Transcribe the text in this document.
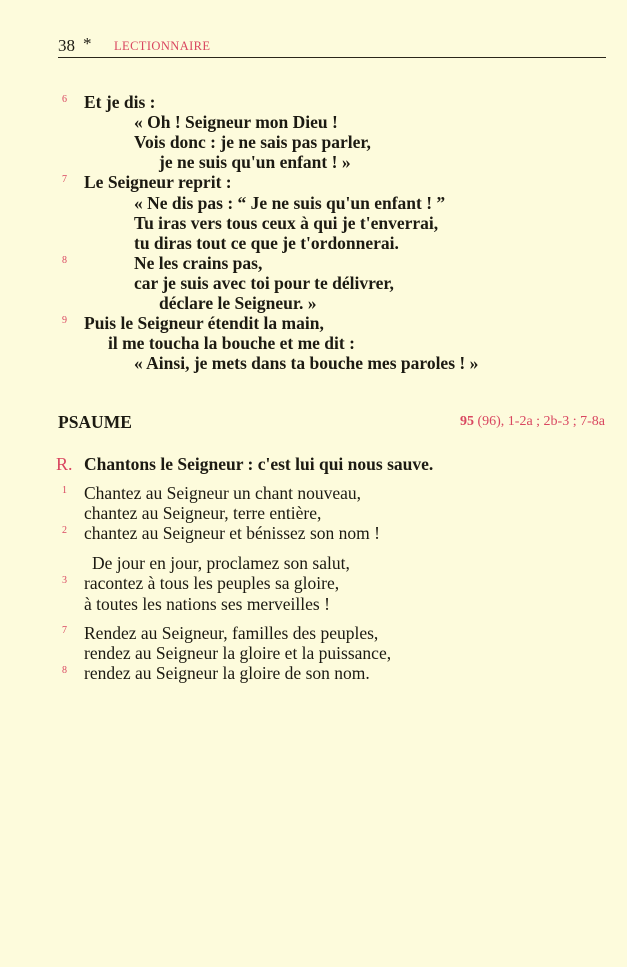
38 * LECTIONNAIRE
6 Et je dis :
« Oh ! Seigneur mon Dieu !
Vois donc : je ne sais pas parler,
je ne suis qu'un enfant ! »
7 Le Seigneur reprit :
« Ne dis pas : “ Je ne suis qu'un enfant ! ”
Tu iras vers tous ceux à qui je t'enverrai,
tu diras tout ce que je t'ordonnerai.
8	Ne les crains pas,
car je suis avec toi pour te délivrer,
déclare le Seigneur. »
9 Puis le Seigneur étendit la main,
il me toucha la bouche et me dit :
« Ainsi, je mets dans ta bouche mes paroles ! »
PSAUME	95 (96), 1-2a ; 2b-3 ; 7-8a
R. Chantons le Seigneur : c'est lui qui nous sauve.
1 Chantez au Seigneur un chant nouveau,
chantez au Seigneur, terre entière,
2 chantez au Seigneur et bénissez son nom !
De jour en jour, proclamez son salut,
3 racontez à tous les peuples sa gloire,
à toutes les nations ses merveilles !
7 Rendez au Seigneur, familles des peuples,
rendez au Seigneur la gloire et la puissance,
8 rendez au Seigneur la gloire de son nom.
